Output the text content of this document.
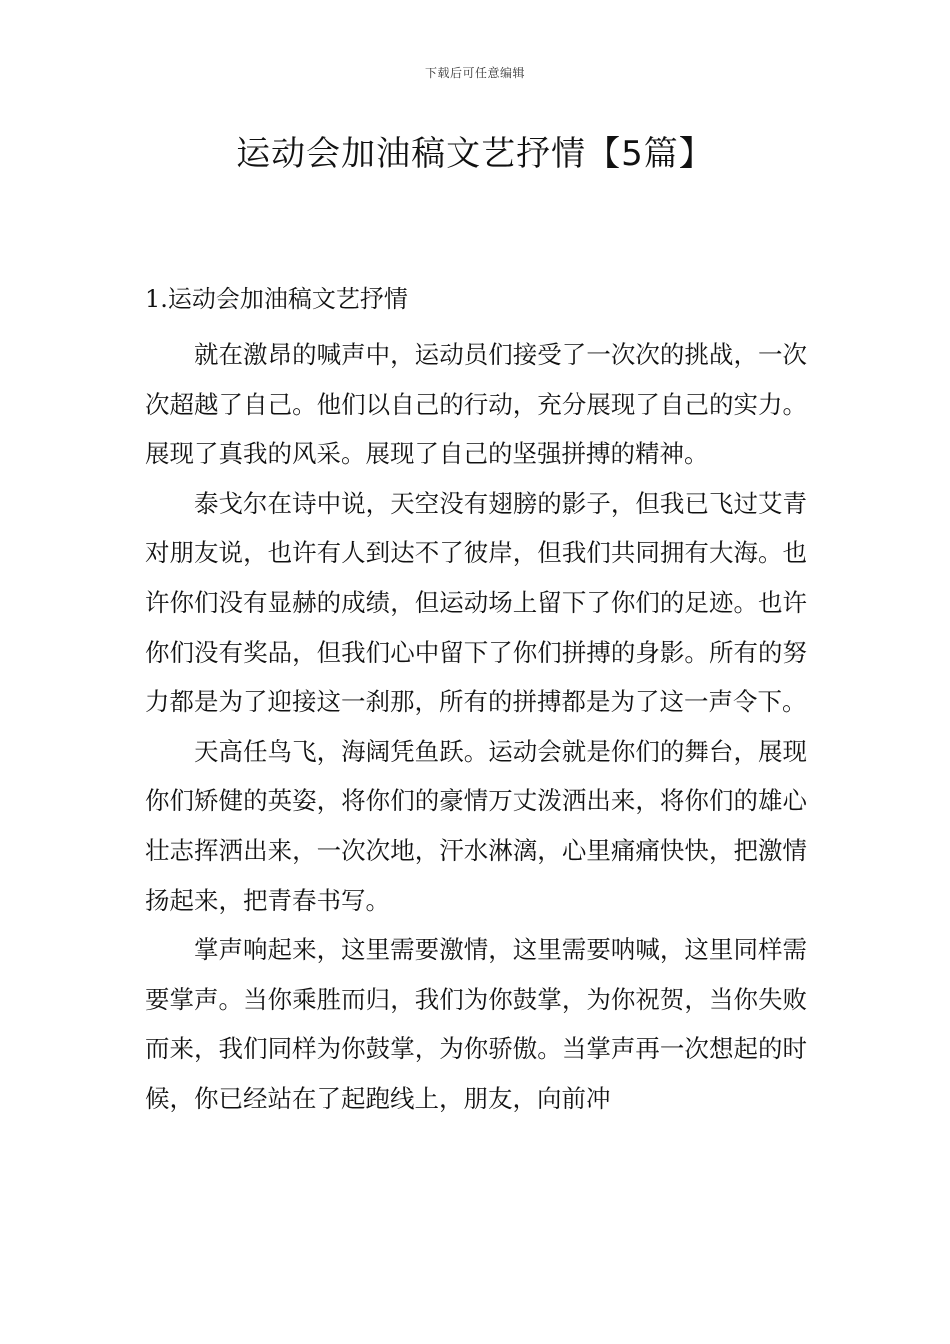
下载后可任意编辑
运动会加油稿文艺抒情【5篇】

1.运动会加油稿文艺抒情

就在激昂的喊声中，运动员们接受了一次次的挑战，一次次超越了自己。他们以自己的行动，充分展现了自己的实力。展现了真我的风采。展现了自己的坚强拼搏的精神。

泰戈尔在诗中说，天空没有翅膀的影子，但我已飞过艾青对朋友说，也许有人到达不了彼岸，但我们共同拥有大海。也许你们没有显赫的成绩，但运动场上留下了你们的足迹。也许你们没有奖品，但我们心中留下了你们拼搏的身影。所有的努力都是为了迎接这一刹那，所有的拼搏都是为了这一声令下。

天高任鸟飞，海阔凭鱼跃。运动会就是你们的舞台，展现你们矫健的英姿，将你们的豪情万丈泼洒出来，将你们的雄心壮志挥洒出来，一次次地，汗水淋漓，心里痛痛快快，把激情扬起来，把青春书写。

掌声响起来，这里需要激情，这里需要呐喊，这里同样需要掌声。当你乘胜而归，我们为你鼓掌，为你祝贺，当你失败而来，我们同样为你鼓掌，为你骄傲。当掌声再一次想起的时候，你已经站在了起跑线上，朋友，向前冲
